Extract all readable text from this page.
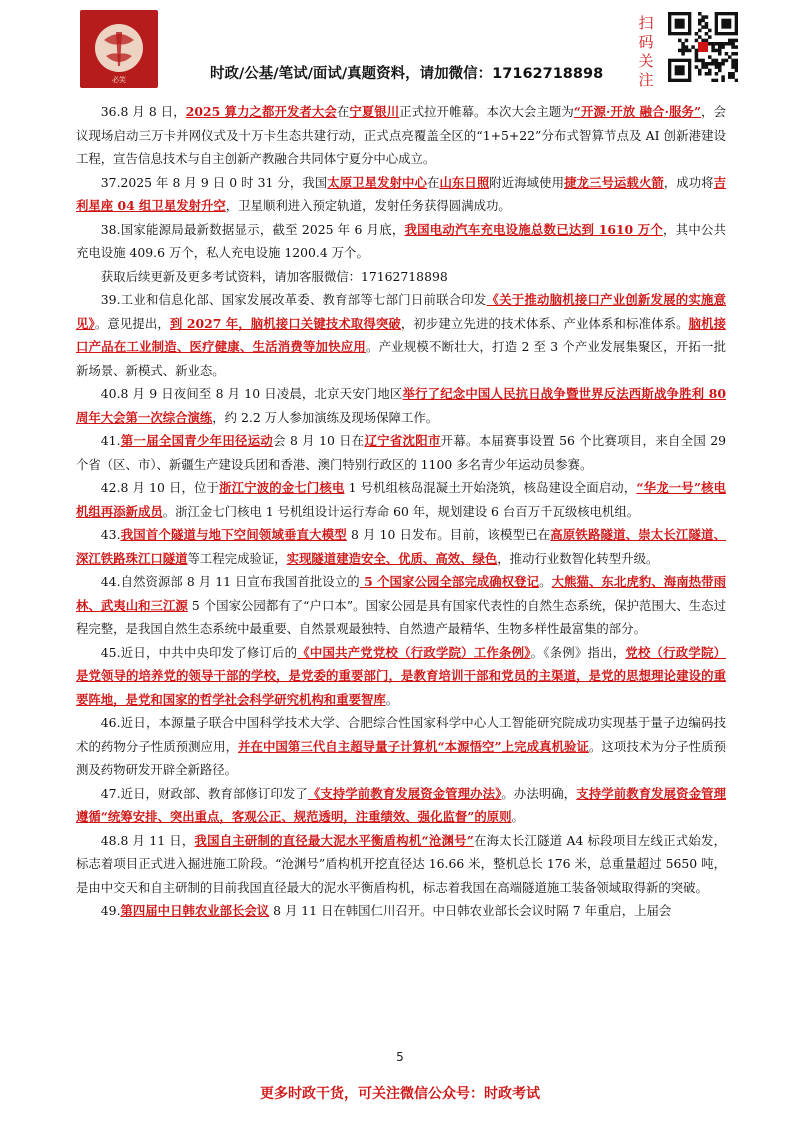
必笑
扫码关注
时政/公基/笔试/面试/真题资料，请加微信：17162718898

36.8 月 8 日，2025 算力之都开发者大会在宁夏银川正式拉开帷幕。本次大会主题为“开源·开放 融合·服务”，会议现场启动三万卡并网仪式及十万卡生态共建行动，正式点亮覆盖全区的“1+5+22”分布式智算节点及 AI 创新港建设工程，宣告信息技术与自主创新产教融合共同体宁夏分中心成立。

37.2025 年 8 月 9 日 0 时 31 分，我国太原卫星发射中心在山东日照附近海域使用捷龙三号运载火箭，成功将吉利星座 04 组卫星发射升空，卫星顺利进入预定轨道，发射任务获得圆满成功。

38.国家能源局最新数据显示，截至 2025 年 6 月底，我国电动汽车充电设施总数已达到 1610 万个，其中公共充电设施 409.6 万个，私人充电设施 1200.4 万个。

获取后续更新及更多考试资料，请加客服微信：17162718898

39.工业和信息化部、国家发展改革委、教育部等七部门日前联合印发《关于推动脑机接口产业创新发展的实施意见》。意见提出，到 2027 年，脑机接口关键技术取得突破，初步建立先进的技术体系、产业体系和标准体系。脑机接口产品在工业制造、医疗健康、生活消费等加快应用。产业规模不断壮大，打造 2 至 3 个产业发展集聚区，开拓一批新场景、新模式、新业态。

40.8 月 9 日夜间至 8 月 10 日凌晨，北京天安门地区举行了纪念中国人民抗日战争暨世界反法西斯战争胜利 80 周年大会第一次综合演练，约 2.2 万人参加演练及现场保障工作。

41.第一届全国青少年田径运动会 8 月 10 日在辽宁省沈阳市开幕。本届赛事设置 56 个比赛项目，来自全国 29 个省（区、市）、新疆生产建设兵团和香港、澳门特别行政区的 1100 多名青少年运动员参赛。

42.8 月 10 日，位于浙江宁波的金七门核电 1 号机组核岛混凝土开始浇筑，核岛建设全面启动，“华龙一号”核电机组再添新成员。浙江金七门核电 1 号机组设计运行寿命 60 年，规划建设 6 台百万千瓦级核电机组。

43.我国首个隧道与地下空间领域垂直大模型 8 月 10 日发布。目前，该模型已在高原铁路隧道、崇太长江隧道、深江铁路珠江口隧道等工程完成验证，实现隧道建造安全、优质、高效、绿色，推动行业数智化转型升级。

44.自然资源部 8 月 11 日宣布我国首批设立的 5 个国家公园全部完成确权登记。大熊猫、东北虎豹、海南热带雨林、武夷山和三江源 5 个国家公园都有了“户口本”。国家公园是具有国家代表性的自然生态系统，保护范围大、生态过程完整，是我国自然生态系统中最重要、自然景观最独特、自然遗产最精华、生物多样性最富集的部分。

45.近日，中共中央印发了修订后的《中国共产党党校（行政学院）工作条例》。《条例》指出，党校（行政学院）是党领导的培养党的领导干部的学校，是党委的重要部门，是教育培训干部和党员的主渠道，是党的思想理论建设的重要阵地，是党和国家的哲学社会科学研究机构和重要智库。

46.近日，本源量子联合中国科学技术大学、合肥综合性国家科学中心人工智能研究院成功实现基于量子边编码技术的药物分子性质预测应用，并在中国第三代自主超导量子计算机“本源悟空”上完成真机验证。这项技术为分子性质预测及药物研发开辟全新路径。

47.近日，财政部、教育部修订印发了《支持学前教育发展资金管理办法》。办法明确，支持学前教育发展资金管理遵循“统筹安排、突出重点，客观公正、规范透明，注重绩效、强化监督”的原则。

48.8 月 11 日，我国自主研制的直径最大泥水平衡盾构机“沧渊号”在海太长江隧道 A4 标段项目左线正式始发，标志着项目正式进入掘进施工阶段。“沧渊号”盾构机开挖直径达 16.66 米，整机总长 176 米，总重量超过 5650 吨，是由中交天和自主研制的目前我国直径最大的泥水平衡盾构机，标志着我国在高端隧道施工装备领域取得新的突破。

49.第四届中日韩农业部长会议 8 月 11 日在韩国仁川召开。中日韩农业部长会议时隔 7 年重启，上届会

5
更多时政干货，可关注微信公众号：时政考试
